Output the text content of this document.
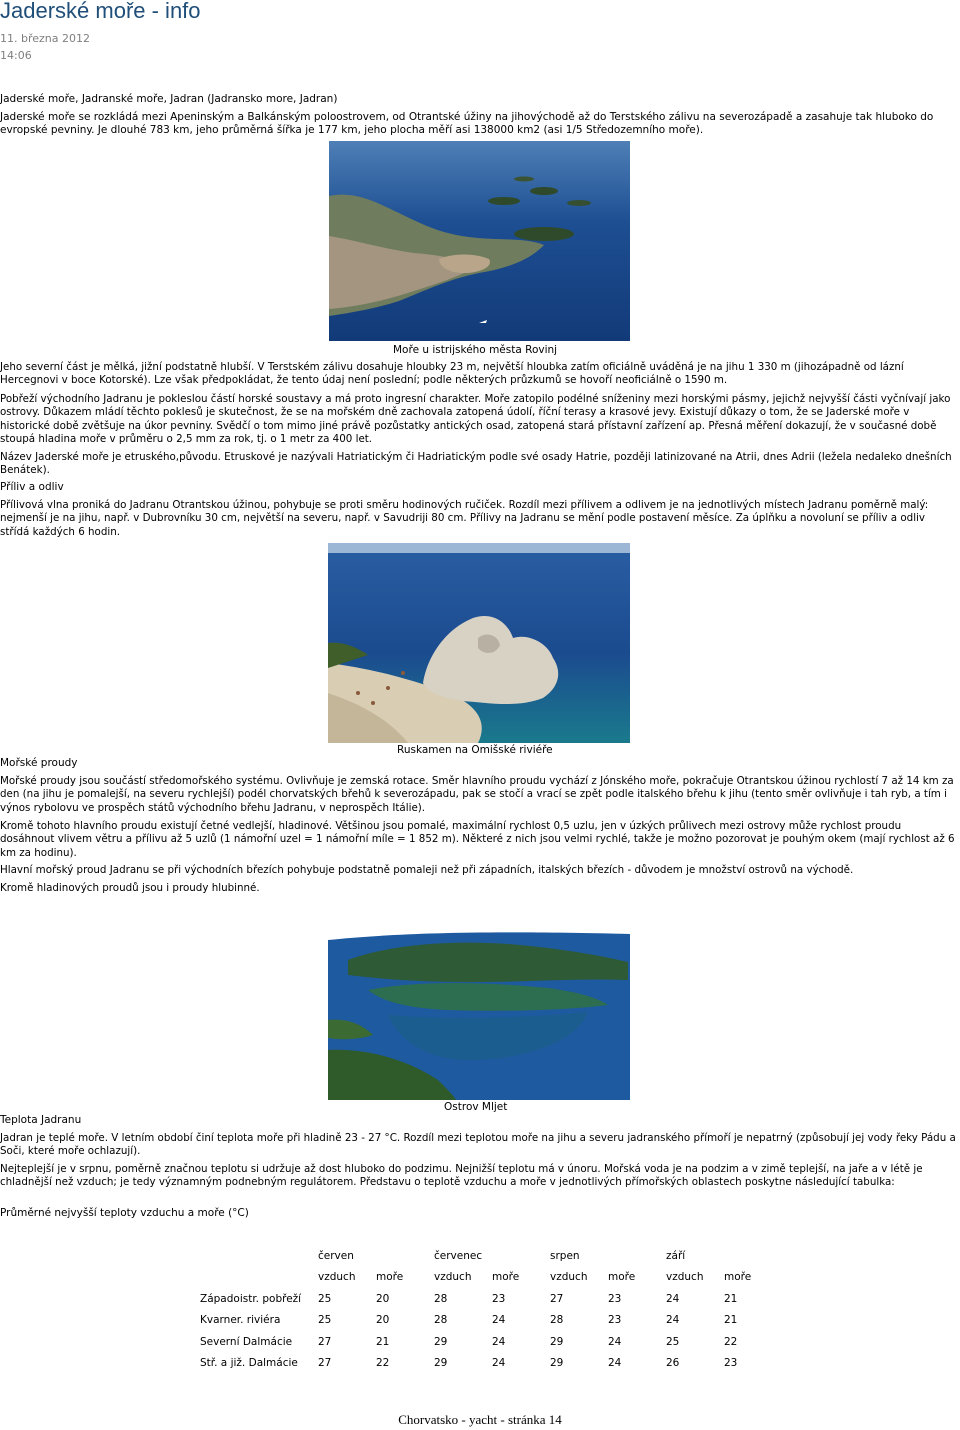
Jaderské moře - info
11. března 2012
14:06

Jaderské moře, Jadranské moře, Jadran (Jadransko more, Jadran)

Jaderské moře se rozkládá mezi Apeninským a Balkánským poloostrovem, od Otrantské úžiny na jihovýchodě až do Terstského zálivu na severozápadě a zasahuje tak hluboko do evropské pevniny. Je dlouhé 783 km, jeho průměrná šířka je 177 km, jeho plocha měří asi 138000 km2 (asi 1/5 Středozemního moře).

Moře u istrijského města Rovinj

Jeho severní část je mělká, jižní podstatně hlubší. V Terstském zálivu dosahuje hloubky 23 m, největší hloubka zatím oficiálně uváděná je na jihu 1 330 m (jihozápadně od lázní Hercegnovi v boce Kotorské). Lze však předpokládat, že tento údaj není poslední; podle některých průzkumů se hovoří neoficiálně o 1590 m.

Pobřeží východního Jadranu je pokleslou částí horské soustavy a má proto ingresní charakter. Moře zatopilo podélné sníženiny mezi horskými pásmy, jejichž nejvyšší části vyčnívají jako ostrovy. Důkazem mládí těchto poklesů je skutečnost, že se na mořském dně zachovala zatopená údolí, říční terasy a krasové jevy. Existují důkazy o tom, že se Jaderské moře v historické době zvětšuje na úkor pevniny. Svědčí o tom mimo jiné právě pozůstatky antických osad, zatopená stará přístavní zařízení ap. Přesná měření dokazují, že v současné době stoupá hladina moře v průměru o 2,5 mm za rok, tj. o 1 metr za 400 let.

Název Jaderské moře je etruského,původu. Etruskové je nazývali Hatriatickým či Hadriatickým podle své osady Hatrie, později latinizované na Atrii, dnes Adrii (ležela nedaleko dnešních Benátek).

Příliv a odliv

Přílivová vlna proniká do Jadranu Otrantskou úžinou, pohybuje se proti směru hodinových ručiček. Rozdíl mezi přílivem a odlivem je na jednotlivých místech Jadranu poměrně malý: nejmenší je na jihu, např. v Dubrovníku 30 cm, největší na severu, např. v Savudriji 80 cm. Přílivy na Jadranu se mění podle postavení měsíce. Za úplňku a novoluní se příliv a odliv střídá každých 6 hodin.

Ruskamen na Omišské riviéře

Mořské proudy

Mořské proudy jsou součástí středomořského systému. Ovlivňuje je zemská rotace. Směr hlavního proudu vychází z Jónského moře, pokračuje Otrantskou úžinou rychlostí 7 až 14 km za den (na jihu je pomalejší, na severu rychlejší) podél chorvatských břehů k severozápadu, pak se stočí a vrací se zpět podle italského břehu k jihu (tento směr ovlivňuje i tah ryb, a tím i výnos rybolovu ve prospěch států východního břehu Jadranu, v neprospěch Itálie).

Kromě tohoto hlavního proudu existují četné vedlejší, hladinové. Většinou jsou pomalé, maximální rychlost 0,5 uzlu, jen v úzkých průlivech mezi ostrovy může rychlost proudu dosáhnout vlivem větru a přílivu až 5 uzlů (1 námořní uzel = 1 námořní míle = 1 852 m). Některé z nich jsou velmi rychlé, takže je možno pozorovat je pouhým okem (mají rychlost až 6 km za hodinu).

Hlavní mořský proud Jadranu se při východních březích pohybuje podstatně pomaleji než při západních, italských březích - důvodem je množství ostrovů na východě.

Kromě hladinových proudů jsou i proudy hlubinné.

Ostrov Mljet

Teplota Jadranu

Jadran je teplé moře. V letním období činí teplota moře při hladině 23 - 27 °C. Rozdíl mezi teplotou moře na jihu a severu jadranského přímoří je nepatrný (způsobují jej vody řeky Pádu a Soči, které moře ochlazují).

Nejteplejší je v srpnu, poměrně značnou teplotu si udržuje až dost hluboko do podzimu. Nejnižší teplotu má v únoru. Mořská voda je na podzim a v zimě teplejší, na jaře a v létě je chladnější než vzduch; je tedy významným podnebným regulátorem. Představu o teplotě vzduchu a moře v jednotlivých přímořských oblastech poskytne následující tabulka:

Průměrné nejvyšší teploty vzduchu a moře (°C)

	červen		červenec		srpen		září	
	vzduch	moře	vzduch	moře	vzduch	moře	vzduch	moře
Západoistr. pobřeží	25	20	28	23	27	23	24	21
Kvarner. riviéra	25	20	28	24	28	23	24	21
Severní Dalmácie	27	21	29	24	29	24	25	22
Stř. a již. Dalmácie	27	22	29	24	29	24	26	23
Chorvatsko - yacht - stránka 14
